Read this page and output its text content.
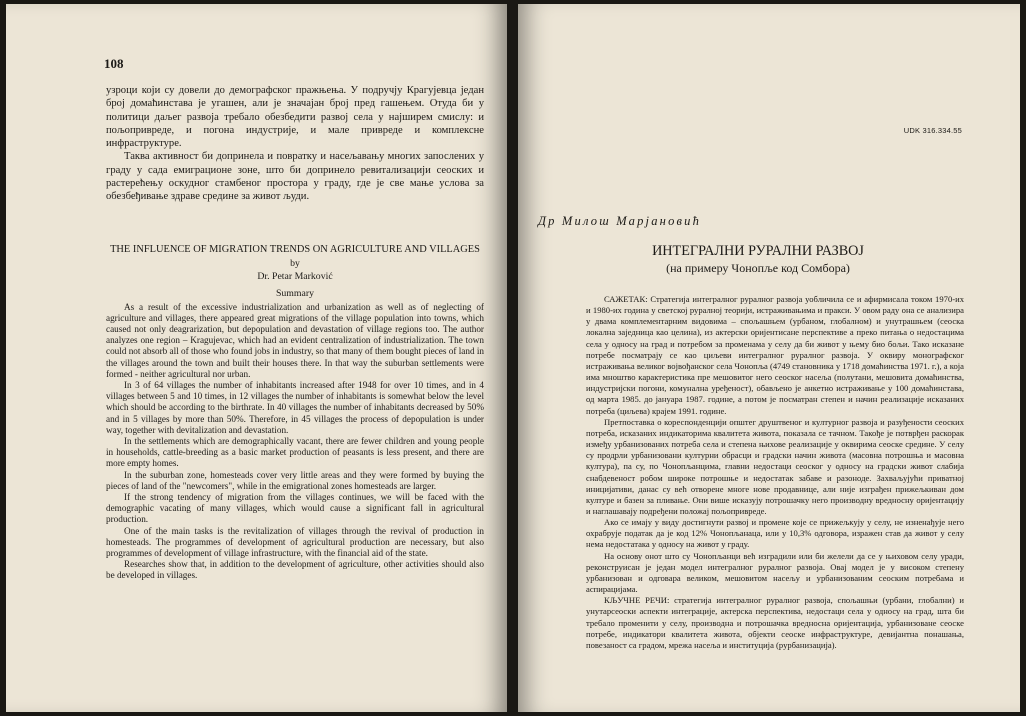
108

узроци који су довели до демографског пражњења. У подручју Крагујевца један број домаћинстава је угашен, али је значајан број пред гашењем. Отуда би у политици даљег развоја требало обезбедити развој села у најширем смислу: и пољопривреде, и погона индустрије, и мале привреде и комплексне инфраструктуре.

Таква активност би допринела и повратку и насељавању многих запослених у граду у сада емиграционе зоне, што би допринело ревитализацији сеоских и растерећењу оскудног стамбеног простора у граду, где је све мање услова за обезбеђивање здраве средине за живот људи.

THE INFLUENCE OF MIGRATION TRENDS ON AGRICULTURE AND VILLAGES
by
Dr. Petar Marković
Summary

As a result of the excessive industrialization and urbanization as well as of neglecting of agriculture and villages, there appeared great migrations of the village population into towns, which caused not only deagrarization, but depopulation and devastation of village regions too. The author analyzes one region – Kragujevac, which had an evident centralization of industrialization. The town could not absorb all of those who found jobs in industry, so that many of them bought pieces of land in the villages around the town and built their houses there. In that way the suburban settlements were formed - neither agricultural nor urban.

In 3 of 64 villages the number of inhabitants increased after 1948 for over 10 times, and in 4 villages between 5 and 10 times, in 12 villages the number of inhabitants is somewhat below the level which should be according to the birthrate. In 40 villages the number of inhabitants decreased by 50% and in 5 villages by more than 50%. Therefore, in 45 villages the process of depopulation is under way, together with devitalization and devastation.

In the settlements which are demographically vacant, there are fewer children and young people in households, cattle-breeding as a basic market production of peasants is less present, and there are more empty homes.

In the suburban zone, homesteads cover very little areas and they were formed by buying the pieces of land of the "newcomers", while in the emigrational zones homesteads are larger.

If the strong tendency of migration from the villages continues, we will be faced with the demographic vacating of many villages, which would cause a significant fall in agricultural production.

One of the main tasks is the revitalization of villages through the revival of production in homesteads. The programmes of development of agricultural production are necessary, but also programmes of development of village infrastructure, with the financial aid of the state.

Researches show that, in addition to the development of agriculture, other activities should also be developed in villages.

UDK 316.334.55
Др Милош Марјановић
ИНТЕГРАЛНИ РУРАЛНИ РАЗВОЈ
(на примеру Чонопље код Сомбора)

САЖЕТАК: Стратегија интегралног руралног развоја уобличила се и афирмисала током 1970-их и 1980-их година у светској руралној теорији, истраживањима и пракси. У овом раду она се анализира у двама комплементарним видовима – спољашњем (урбаном, глобалном) и унутрашњем (сеоска локална заједница као целина), из актерски оријентисане перспективе а преко питања о недостацима села у односу на град и потребом за променама у селу да би живот у њему био бољи. Тако исказане потребе посматрају се као циљеви интегралног руралног развоја. У оквиру монографског истраживања великог војвођанског села Чонопља (4749 становника у 1718 домаћинства 1971. г.), а која има мноштво карактеристика пре мешовитог него сеоског насеља (полутани, мешовита домаћинства, индустријски погони, комунална уређеност), обављено је анкетно истраживање у 100 домаћинстава, од марта 1985. до јануара 1987. године, а потом је посматран степен и начин реализације исказаних потреба (циљева) крајем 1991. године.

Претпоставка о кореспонденцији општег друштвеног и културног развоја и разуђености сеоских потреба, исказаних индикаторима квалитета живота, показала се тачном. Такође је потврђен раскорак између урбанизованих потреба села и степена њихове реализације у оквирима сеоске средине. У селу су продрли урбанизовани културни обрасци и градски начин живота (масовна потрошња и масовна култура), па су, по Чонопљанцима, главни недостаци сеоског у односу на градски живот слабија снабдевеност робом широке потрошње и недостатак забаве и разоноде. Захваљујући приватној иницијативи, данас су већ отворене многе нове продавнице, али није изграђен прижељкиван дом културе и базен за пливање. Они више исказују потрошачку него производну вредносну оријентацију и наглашавају подређени положај пољопривреде.

Ако се имају у виду достигнути развој и промене које се прижељкују у селу, не изненађује него охрабрује податак да је код 12% Чонопљанаца, или у 10,3% одговора, изражен став да живот у селу нема недостатака у односу на живот у граду.

На основу онот што су Чонопљанци већ изградили или би желели да се у њиховом селу уради, реконструисан је један модел интегралног руралног развоја. Овај модел је у високом степену урбанизован и одговара великом, мешовитом насељу и урбанизованим сеоским потребама и аспирацијама.

КЉУЧНЕ РЕЧИ: стратегија интегралног руралног развоја, спољашњи (урбани, глобални) и унутарсеоски аспекти интеграције, актерска перспектива, недостаци села у односу на град, шта би требало променити у селу, производна и потрошачка вредносна оријентација, урбанизоване сеоске потребе, индикатори квалитета живота, објекти сеоске инфраструктуре, девијантна понашања, повезаност са градом, мрежа насеља и институција (рурбанизација).
